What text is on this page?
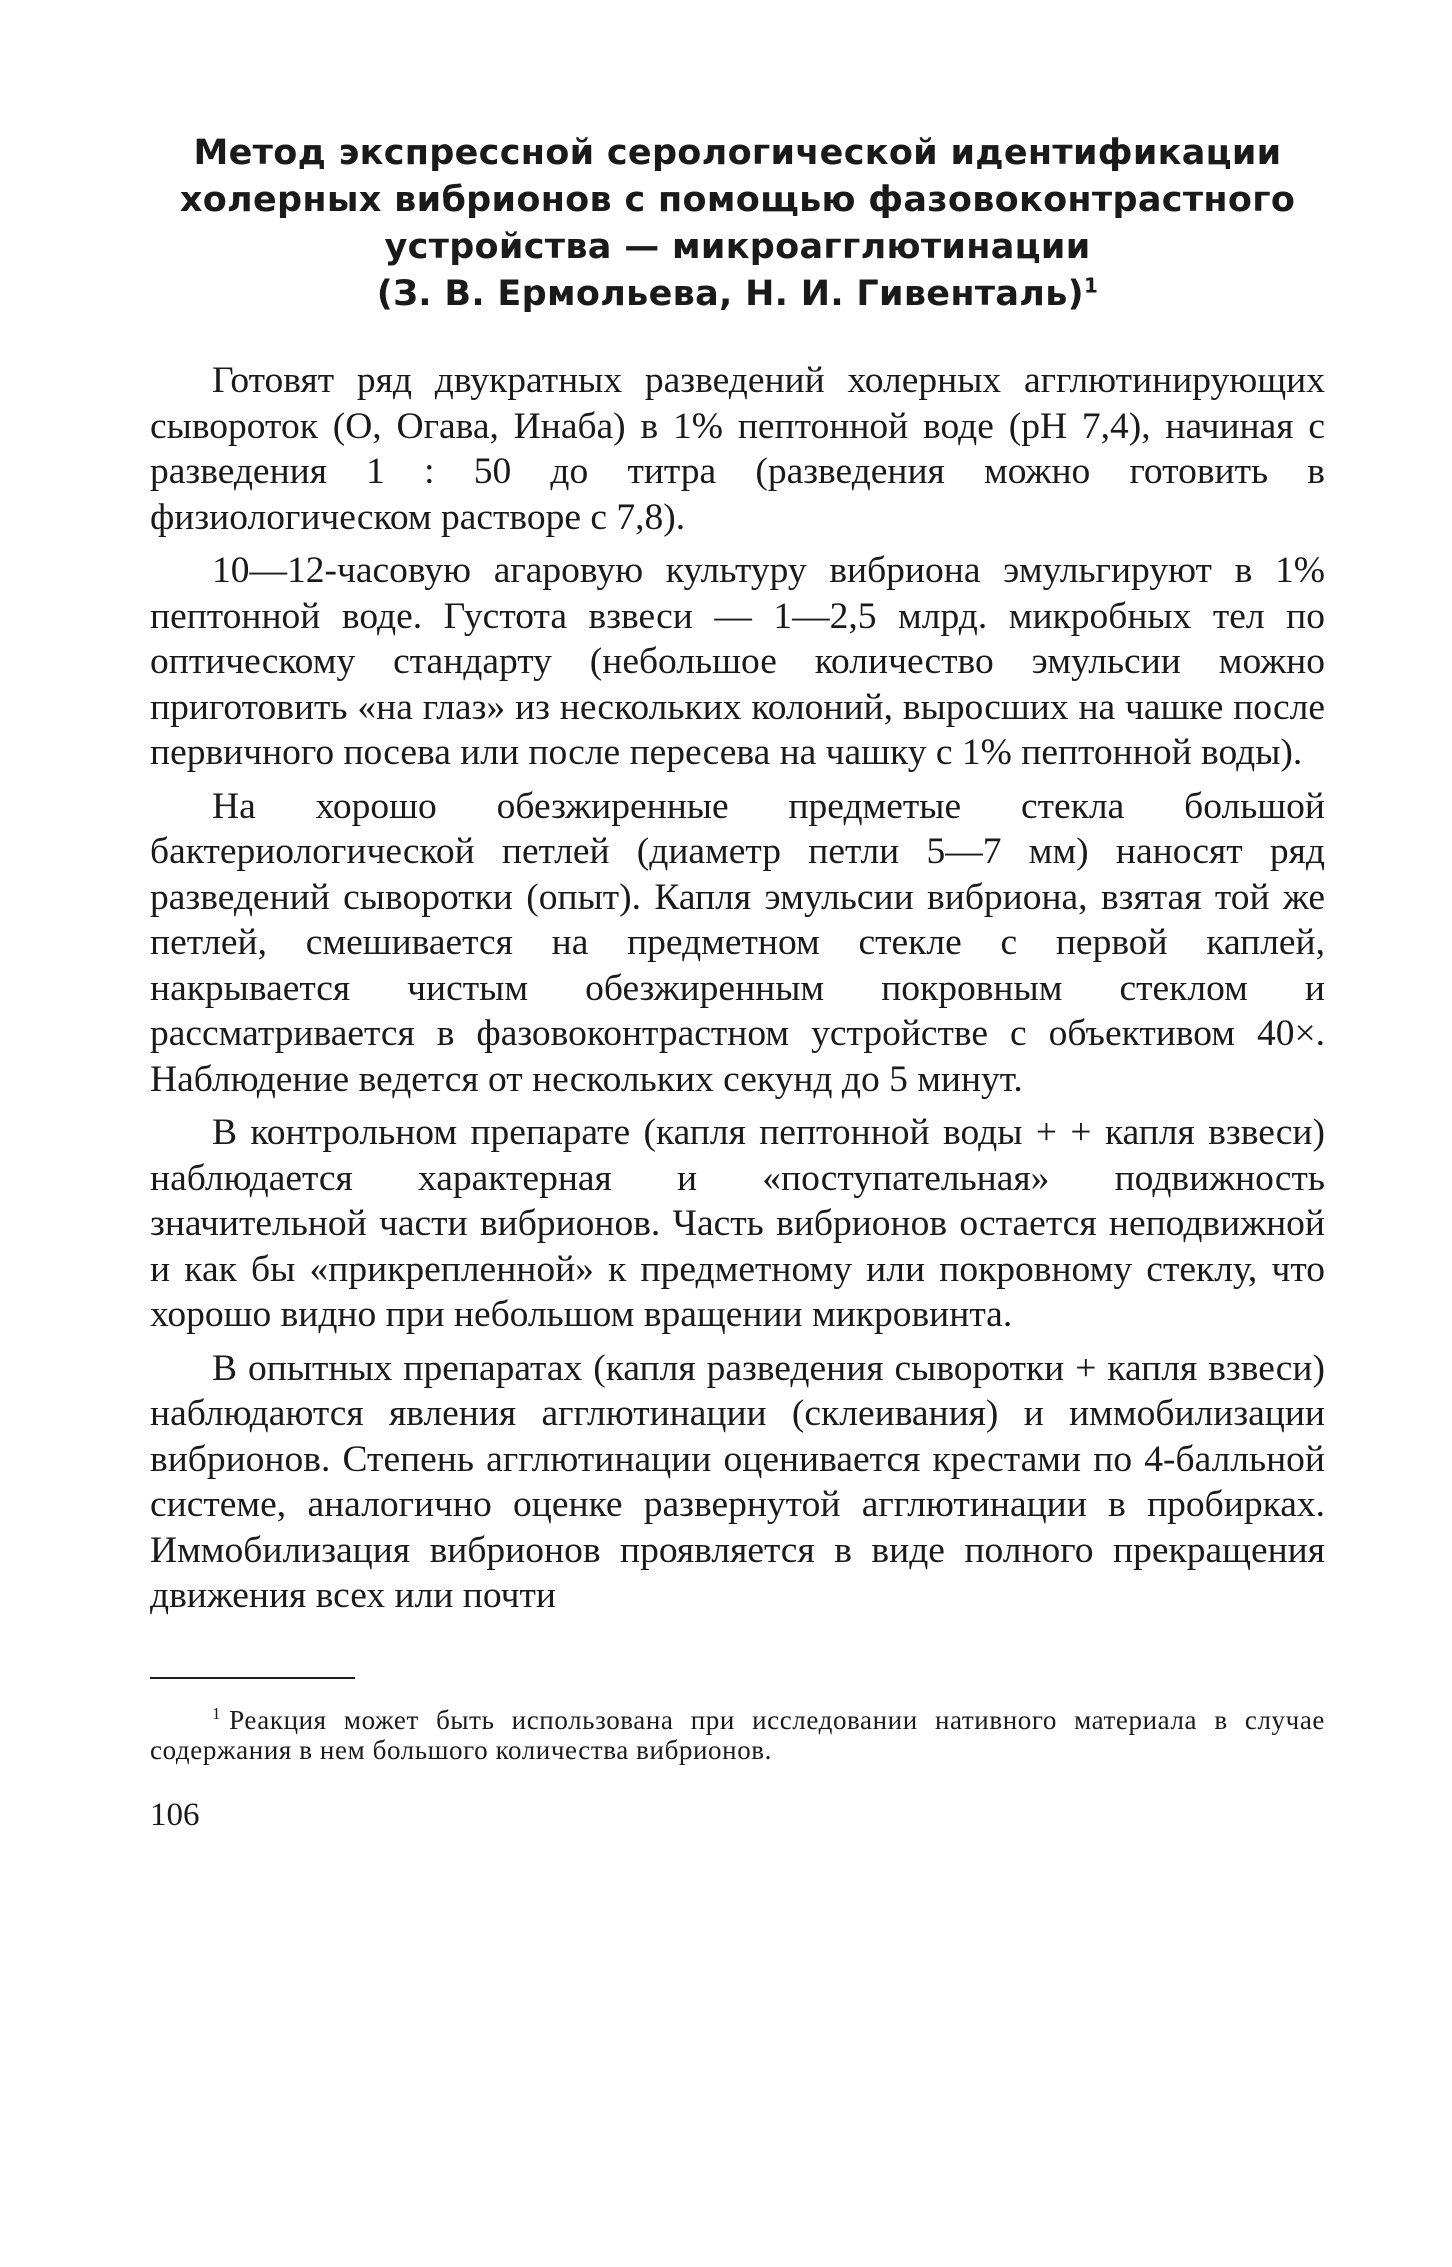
Метод экспрессной серологической идентификации
холерных вибрионов с помощью фазовоконтрастного
устройства — микроагглютинации
(З. В. Ермольева, Н. И. Гивенталь)$^1$

Готовят ряд двукратных разведений холерных агглютинирующих сывороток (О, Огава, Инаба) в 1% пептонной воде (рН 7,4), начиная с разведения 1 : 50 до титра (разведения можно готовить в физиологическом растворе с 7,8).

10—12-часовую агаровую культуру вибриона эмульгируют в 1% пептонной воде. Густота взвеси — 1—2,5 млрд. микробных тел по оптическому стандарту (небольшое количество эмульсии можно приготовить «на глаз» из нескольких колоний, выросших на чашке после первичного посева или после пересева на чашку с 1% пептонной воды).

На хорошо обезжиренные предметые стекла большой бактериологической петлей (диаметр петли 5—7 мм) наносят ряд разведений сыворотки (опыт). Капля эмульсии вибриона, взятая той же петлей, смешивается на предметном стекле с первой каплей, накрывается чистым обезжиренным покровным стеклом и рассматривается в фазовоконтрастном устройстве с объективом 40×. Наблюдение ведется от нескольких секунд до 5 минут.

В контрольном препарате (капля пептонной воды + + капля взвеси) наблюдается характерная и «поступательная» подвижность значительной части вибрионов. Часть вибрионов остается неподвижной и как бы «прикрепленной» к предметному или покровному стеклу, что хорошо видно при небольшом вращении микровинта.

В опытных препаратах (капля разведения сыворотки + капля взвеси) наблюдаются явления агглютинации (склеивания) и иммобилизации вибрионов. Степень агглютинации оценивается крестами по 4-балльной системе, аналогично оценке развернутой агглютинации в пробирках. Иммобилизация вибрионов проявляется в виде полного прекращения движения всех или почти

$^1$ Реакция может быть использована при исследовании нативного материала в случае содержания в нем большого количества вибрионов.

106
